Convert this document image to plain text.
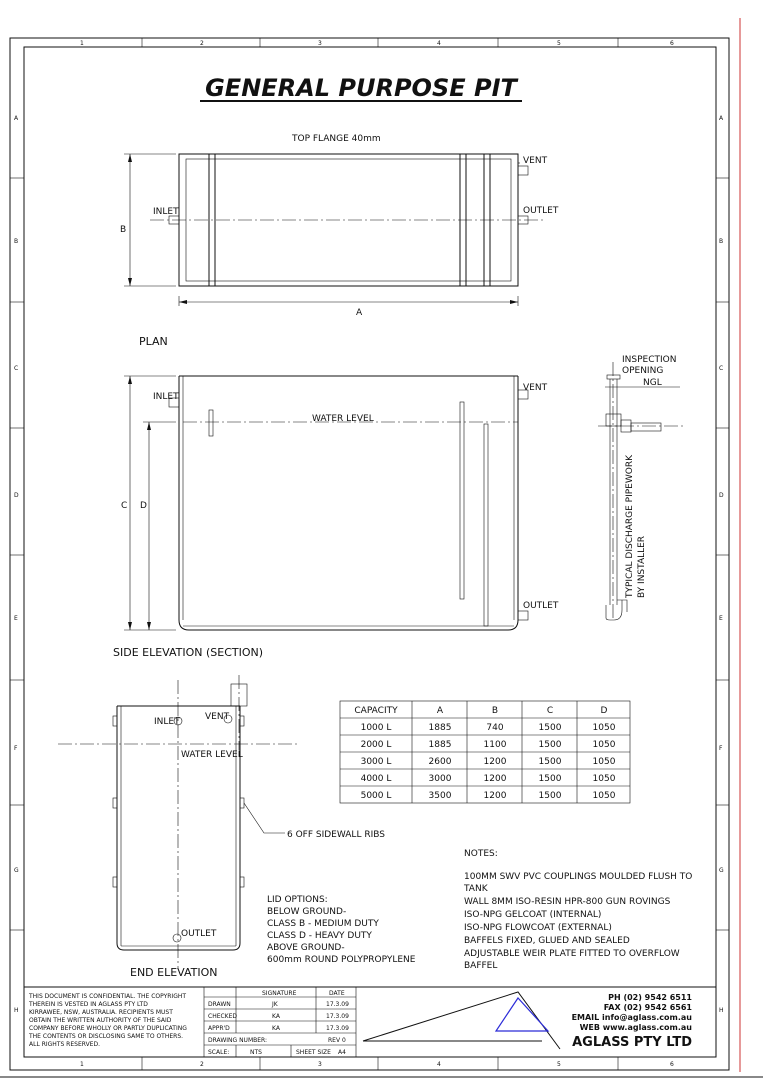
1	2	3	4	5	6
1	2	3	4	5	6
A
B
C
D
E
F
G
H
A
B
C
D
E
F
G
H
GENERAL PURPOSE PIT
TOP FLANGE 40mm
VENT
INLET	OUTLET
B
A
PLAN
INLET
VENT
OUTLET
WATER LEVEL
C D
SIDE ELEVATION (SECTION)
INSPECTION
OPENING
NGL
TYPICAL DISCHARGE PIPEWORK BY INSTALLER
INLET	VENT
WATER LEVEL
OUTLET
6 OFF SIDEWALL RIBS
END ELEVATION
CAPACITY	A	B	C	D
1000 L	1885	740	1500	1050
2000 L	1885	1100	1500	1050
3000 L	2600	1200	1500	1050
4000 L	3000	1200	1500	1050
5000 L	3500	1200	1500	1050
NOTES:
100MM SWV PVC COUPLINGS MOULDED FLUSH TO
TANK
WALL 8MM ISO-RESIN HPR-800 GUN ROVINGS
ISO-NPG GELCOAT (INTERNAL)
ISO-NPG FLOWCOAT (EXTERNAL)
BAFFELS FIXED, GLUED AND SEALED
ADJUSTABLE WEIR PLATE FITTED TO OVERFLOW
BAFFEL
LID OPTIONS:
BELOW GROUND-
CLASS B - MEDIUM DUTY
CLASS D - HEAVY DUTY
ABOVE GROUND-
600mm ROUND POLYPROPYLENE
THIS DOCUMENT IS CONFIDENTIAL. THE COPYRIGHT
THEREIN IS VESTED IN AGLASS PTY LTD
KIRRAWEE, NSW, AUSTRALIA. RECIPIENTS MUST
OBTAIN THE WRITTEN AUTHORITY OF THE SAID
COMPANY BEFORE WHOLLY OR PARTLY DUPLICATING
THE CONTENTS OR DISCLOSING SAME TO OTHERS.
ALL RIGHTS RESERVED.
SIGNATURE	DATE
DRAWN	JK	17.3.09
CHECKED	KA	17.3.09
APPR'D	KA	17.3.09
DRAWING NUMBER:	REV 0
SCALE:	NTS	SHEET SIZE A4
PH (02) 9542 6511
FAX (02) 9542 6561
EMAIL info@aglass.com.au
WEB www.aglass.com.au
AGLASS PTY LTD
